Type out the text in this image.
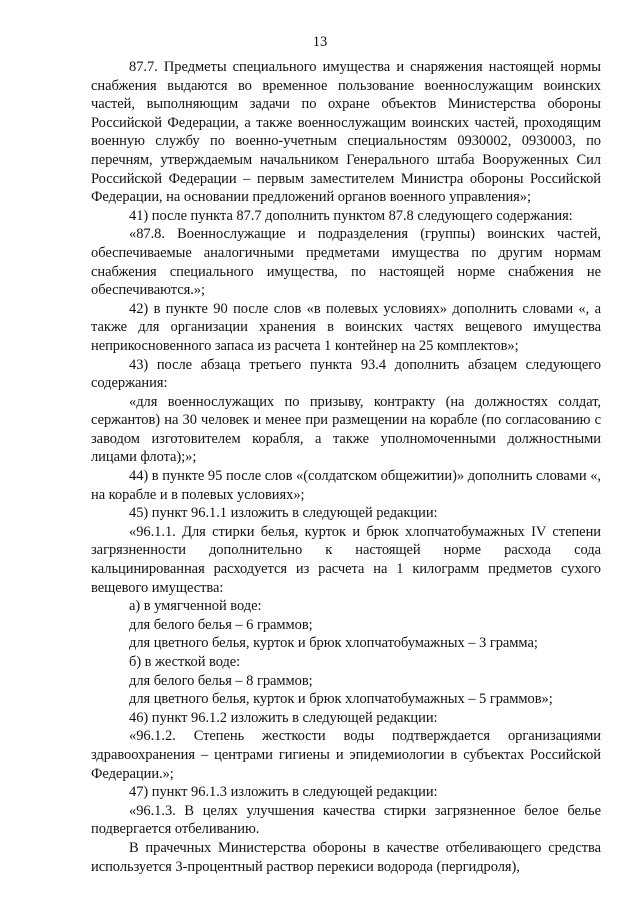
13

87.7. Предметы специального имущества и снаряжения настоящей нормы снабжения выдаются во временное пользование военнослужащим воинских частей, выполняющим задачи по охране объектов Министерства обороны Российской Федерации, а также военнослужащим воинских частей, проходящим военную службу по военно-учетным специальностям 0930002, 0930003, по перечням, утверждаемым начальником Генерального штаба Вооруженных Сил Российской Федерации – первым заместителем Министра обороны Российской Федерации, на основании предложений органов военного управления»;

41) после пункта 87.7 дополнить пунктом 87.8 следующего содержания:

«87.8. Военнослужащие и подразделения (группы) воинских частей, обеспечиваемые аналогичными предметами имущества по другим нормам снабжения специального имущества, по настоящей норме снабжения не обеспечиваются.»;

42) в пункте 90 после слов «в полевых условиях» дополнить словами «, а также для организации хранения в воинских частях вещевого имущества неприкосновенного запаса из расчета 1 контейнер на 25 комплектов»;

43) после абзаца третьего пункта 93.4 дополнить абзацем следующего содержания:

«для военнослужащих по призыву, контракту (на должностях солдат, сержантов) на 30 человек и менее при размещении на корабле (по согласованию с заводом изготовителем корабля, а также уполномоченными должностными лицами флота);»;

44) в пункте 95 после слов «(солдатском общежитии)» дополнить словами «, на корабле и в полевых условиях»;

45) пункт 96.1.1 изложить в следующей редакции:

«96.1.1. Для стирки белья, курток и брюк хлопчатобумажных IV степени загрязненности дополнительно к настоящей норме расхода сода кальцинированная расходуется из расчета на 1 килограмм предметов сухого вещевого имущества:

а) в умягченной воде:

для белого белья – 6 граммов;

для цветного белья, курток и брюк хлопчатобумажных – 3 грамма;

б) в жесткой воде:

для белого белья – 8 граммов;

для цветного белья, курток и брюк хлопчатобумажных – 5 граммов»;

46) пункт 96.1.2 изложить в следующей редакции:

«96.1.2. Степень жесткости воды подтверждается организациями здравоохранения – центрами гигиены и эпидемиологии в субъектах Российской Федерации.»;

47) пункт 96.1.3 изложить в следующей редакции:

«96.1.3. В целях улучшения качества стирки загрязненное белое белье подвергается отбеливанию.

В прачечных Министерства обороны в качестве отбеливающего средства используется 3-процентный раствор перекиси водорода (пергидроля),
